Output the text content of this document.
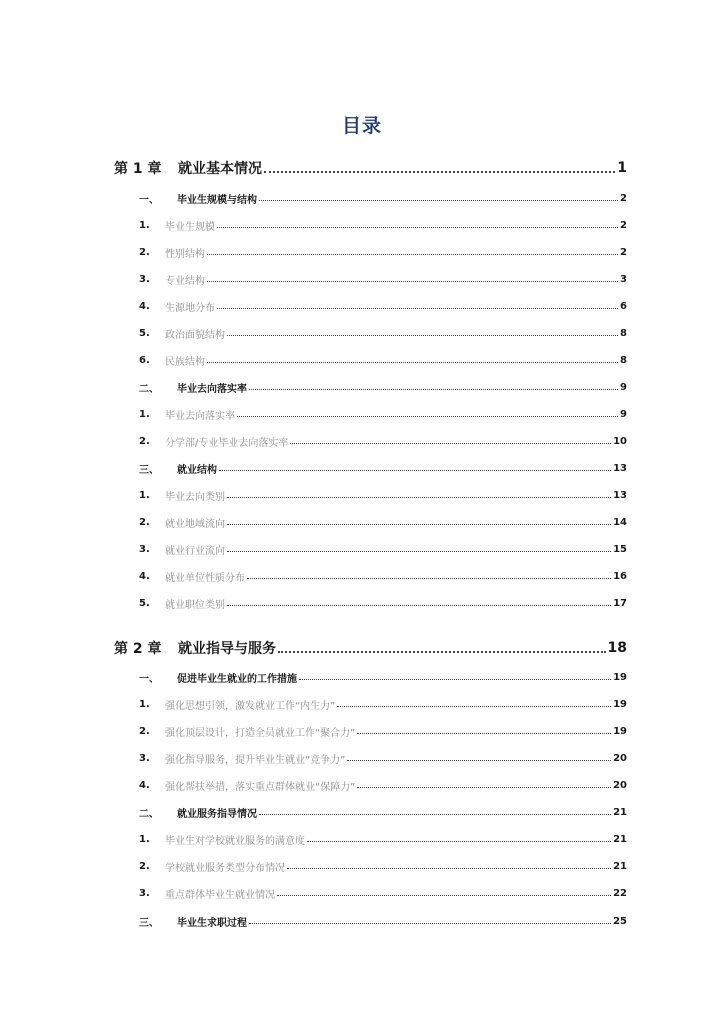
目录
第 1 章	就业基本情况	1
一、	毕业生规模与结构	2
1.	毕业生规模	2
2.	性别结构	2
3.	专业结构	3
4.	生源地分布	6
5.	政治面貌结构	8
6.	民族结构	8
二、	毕业去向落实率	9
1.	毕业去向落实率	9
2.	分学部/专业毕业去向落实率	10
三、	就业结构	13
1.	毕业去向类别	13
2.	就业地域流向	14
3.	就业行业流向	15
4.	就业单位性质分布	16
5.	就业职位类别	17
第 2 章	就业指导与服务	18
一、	促进毕业生就业的工作措施	19
1.	强化思想引领，激发就业工作“内生力”	19
2.	强化顶层设计，打造全员就业工作“聚合力”	19
3.	强化指导服务，提升毕业生就业“竞争力”	20
4.	强化帮扶举措，落实重点群体就业“保障力”	20
二、	就业服务指导情况	21
1.	毕业生对学校就业服务的满意度	21
2.	学校就业服务类型分布情况	21
3.	重点群体毕业生就业情况	22
三、	毕业生求职过程	25
